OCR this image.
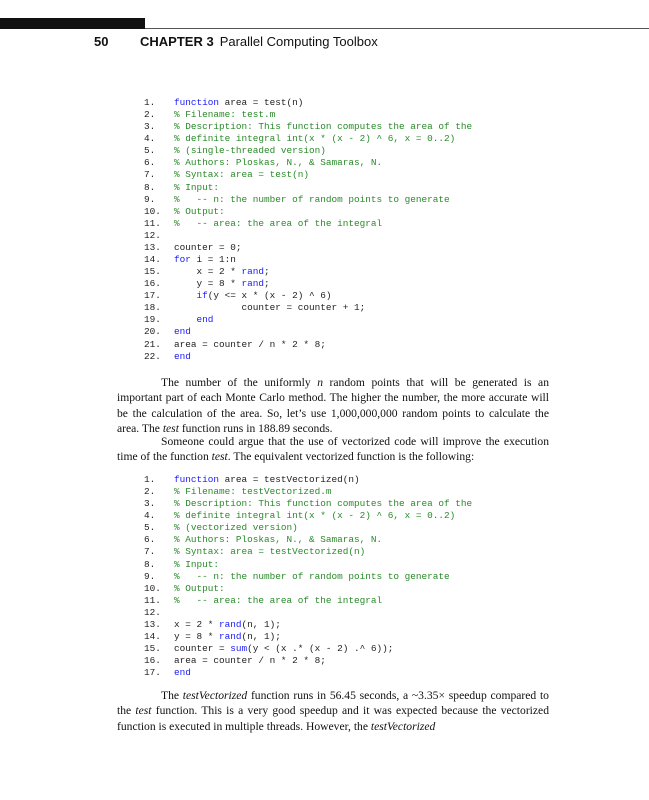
50 CHAPTER 3 Parallel Computing Toolbox
1. function area = test(n)
2. % Filename: test.m
3. % Description: This function computes the area of the
4. % definite integral int(x * (x - 2) ^ 6, x = 0..2)
5. % (single-threaded version)
6. % Authors: Ploskas, N., & Samaras, N.
7. % Syntax: area = test(n)
8. % Input:
9. %   -- n: the number of random points to generate
10. % Output:
11. %   -- area: the area of the integral
12.
13. counter = 0;
14. for i = 1:n
15.    x = 2 * rand;
16.    y = 8 * rand;
17.	if(y <= x * (x - 2) ^ 6)
18.            counter = counter + 1;
19.	end
20. end
21. area = counter / n * 2 * 8;
22. end
The number of the uniformly n random points that will be generated is an important part of each Monte Carlo method. The higher the number, the more accurate will be the calculation of the area. So, let’s use 1,000,000,000 random points to calculate the area. The test function runs in 188.89 seconds.
Someone could argue that the use of vectorized code will improve the execution time of the function test. The equivalent vectorized function is the following:
1. function area = testVectorized(n)
2. % Filename: testVectorized.m
3. % Description: This function computes the area of the
4. % definite integral int(x * (x - 2) ^ 6, x = 0..2)
5. % (vectorized version)
6. % Authors: Ploskas, N., & Samaras, N.
7. % Syntax: area = testVectorized(n)
8. % Input:
9. %   -- n: the number of random points to generate
10. % Output:
11. %   -- area: the area of the integral
12.
13. x = 2 * rand(n, 1);
14. y = 8 * rand(n, 1);
15. counter = sum(y < (x .* (x - 2) .^ 6));
16. area = counter / n * 2 * 8;
17. end
The testVectorized function runs in 56.45 seconds, a ~3.35× speedup compared to the test function. This is a very good speedup and it was expected because the vectorized function is executed in multiple threads. However, the testVectorized
